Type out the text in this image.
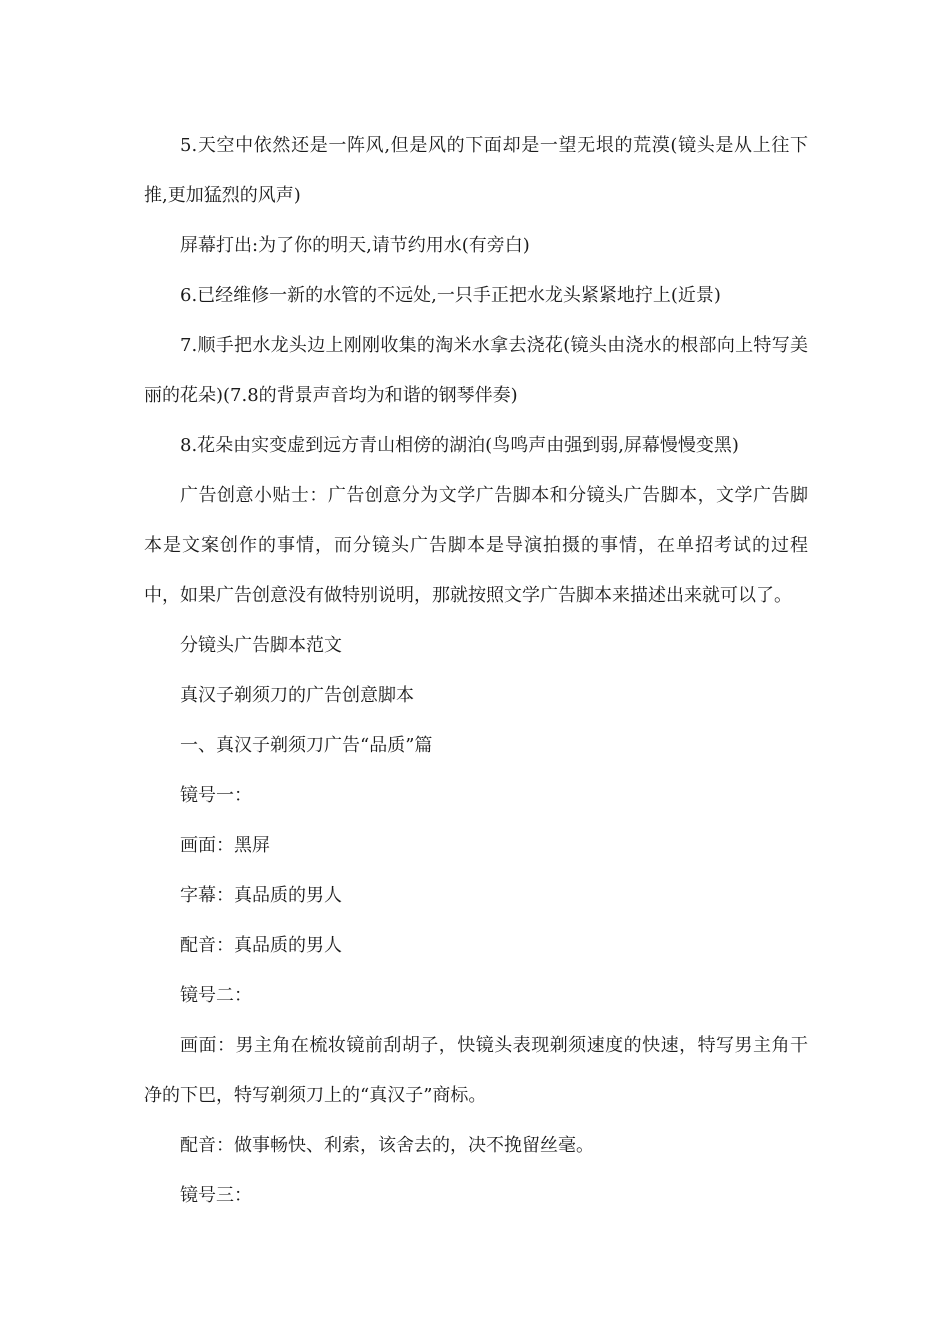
5.天空中依然还是一阵风,但是风的下面却是一望无垠的荒漠(镜头是从上往下推,更加猛烈的风声)

屏幕打出:为了你的明天,请节约用水(有旁白)

6.已经维修一新的水管的不远处,一只手正把水龙头紧紧地拧上(近景)

7.顺手把水龙头边上刚刚收集的淘米水拿去浇花(镜头由浇水的根部向上特写美丽的花朵)(7.8的背景声音均为和谐的钢琴伴奏)

8.花朵由实变虚到远方青山相傍的湖泊(鸟鸣声由强到弱,屏幕慢慢变黑)

广告创意小贴士：广告创意分为文学广告脚本和分镜头广告脚本，文学广告脚本是文案创作的事情，而分镜头广告脚本是导演拍摄的事情，在单招考试的过程中，如果广告创意没有做特别说明，那就按照文学广告脚本来描述出来就可以了。

分镜头广告脚本范文

真汉子剃须刀的广告创意脚本

一、真汉子剃须刀广告“品质”篇

镜号一：

画面：黑屏

字幕：真品质的男人

配音：真品质的男人

镜号二：

画面：男主角在梳妆镜前刮胡子，快镜头表现剃须速度的快速，特写男主角干净的下巴，特写剃须刀上的“真汉子”商标。

配音：做事畅快、利索，该舍去的，决不挽留丝毫。

镜号三：
